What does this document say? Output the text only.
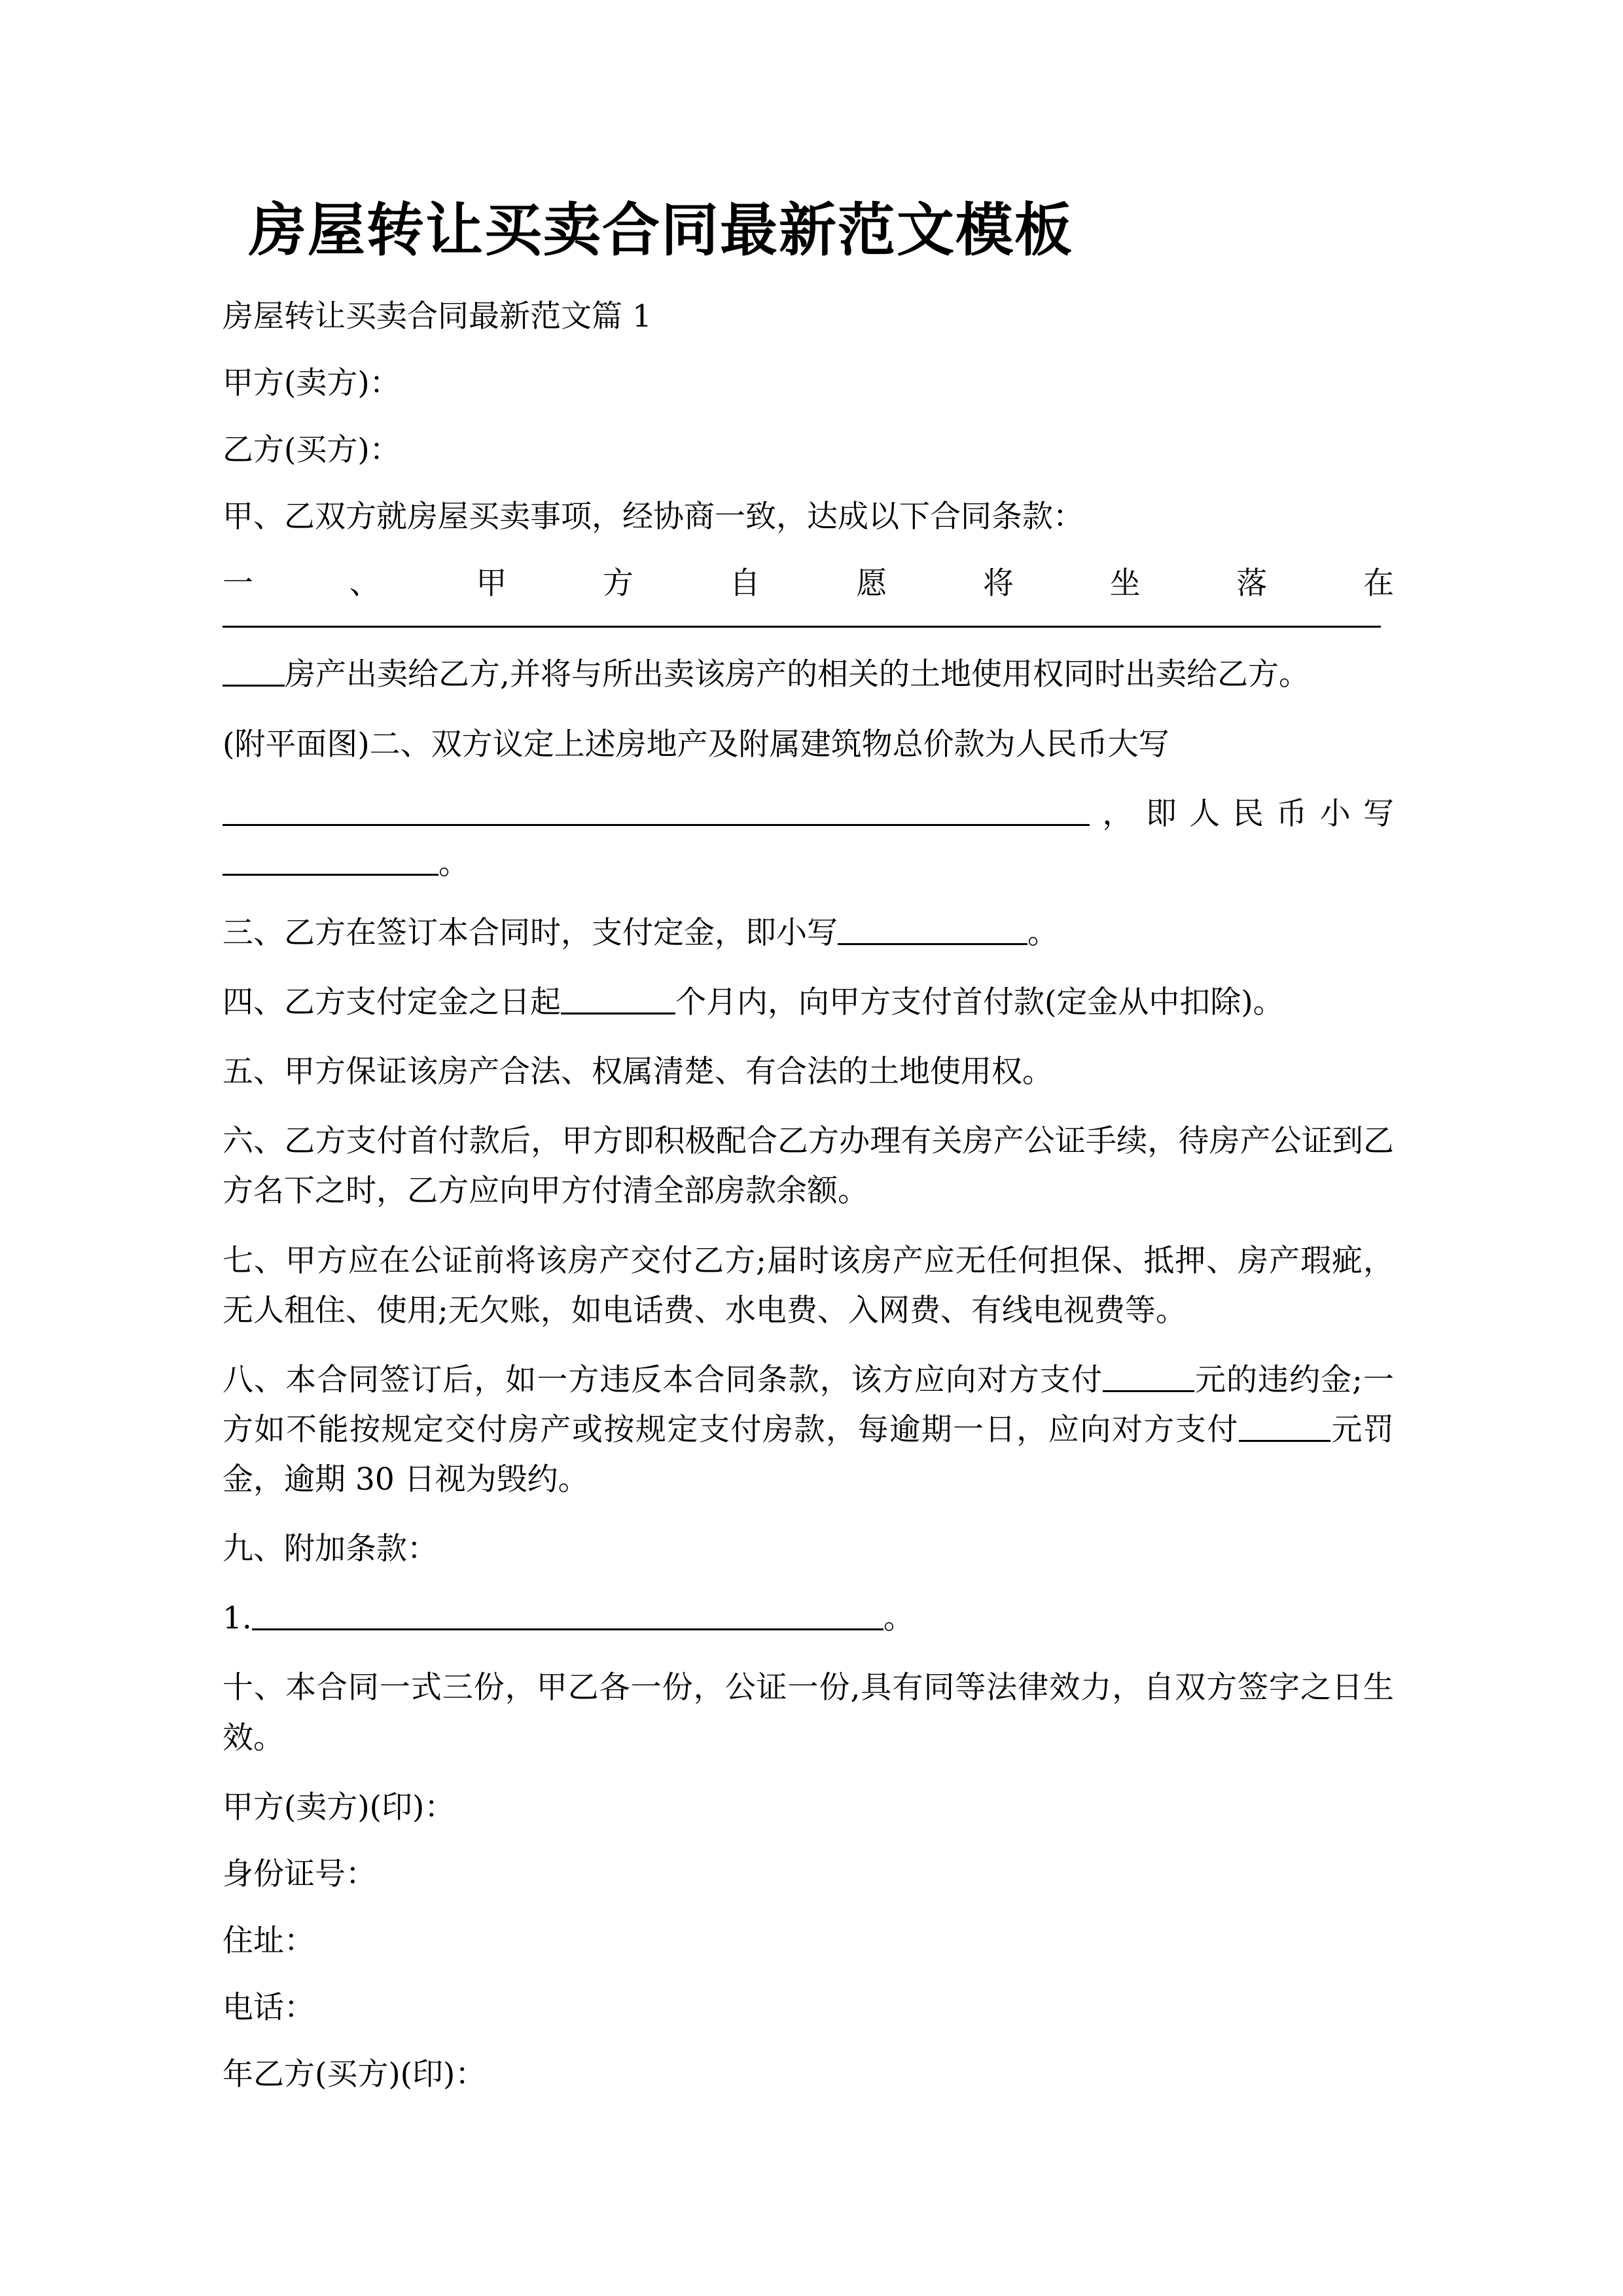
房屋转让买卖合同最新范文模板

房屋转让买卖合同最新范文篇 1

甲方(卖方)：

乙方(买方)：

甲、乙双方就房屋买卖事项，经协商一致，达成以下合同条款：

一、甲方自愿将坐落在

房产出卖给乙方,并将与所出卖该房产的相关的土地使用权同时出卖给乙方。

(附平面图)二、双方议定上述房地产及附属建筑物总价款为人民币大写

，即人民币小写。

三、乙方在签订本合同时，支付定金，即小写	。

四、乙方支付定金之日起	个月内，向甲方支付首付款(定金从中扣除)。

五、甲方保证该房产合法、权属清楚、有合法的土地使用权。

六、乙方支付首付款后，甲方即积极配合乙方办理有关房产公证手续，待房产公证到乙方名下之时，乙方应向甲方付清全部房款余额。

七、甲方应在公证前将该房产交付乙方;届时该房产应无任何担保、抵押、房产瑕疵，无人租住、使用;无欠账，如电话费、水电费、入网费、有线电视费等。

八、本合同签订后，如一方违反本合同条款，该方应向对方支付	元的违约金;一方如不能按规定交付房产或按规定支付房款，每逾期一日，应向对方支付	元罚金，逾期 30 日视为毁约。

九、附加条款：

1.	。

十、本合同一式三份，甲乙各一份，公证一份,具有同等法律效力，自双方签字之日生效。

甲方(卖方)(印)：

身份证号：

住址：

电话：

年乙方(买方)(印)：
